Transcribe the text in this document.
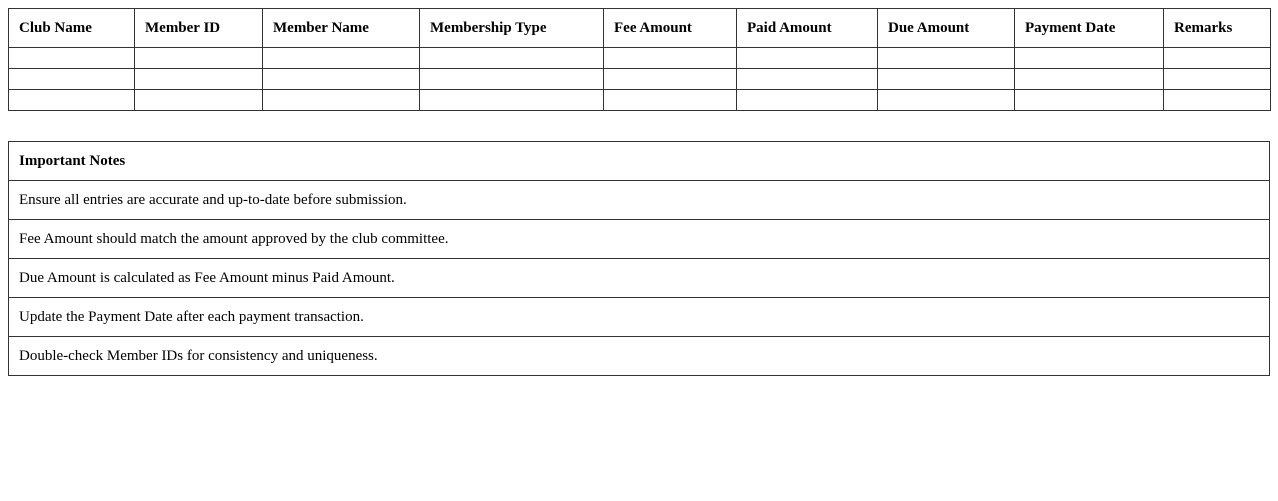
Club Name	Member ID	Member Name	Membership Type	Fee Amount	Paid Amount	Due Amount	Payment Date	Remarks

Important Notes
Ensure all entries are accurate and up-to-date before submission.
Fee Amount should match the amount approved by the club committee.
Due Amount is calculated as Fee Amount minus Paid Amount.
Update the Payment Date after each payment transaction.
Double-check Member IDs for consistency and uniqueness.
